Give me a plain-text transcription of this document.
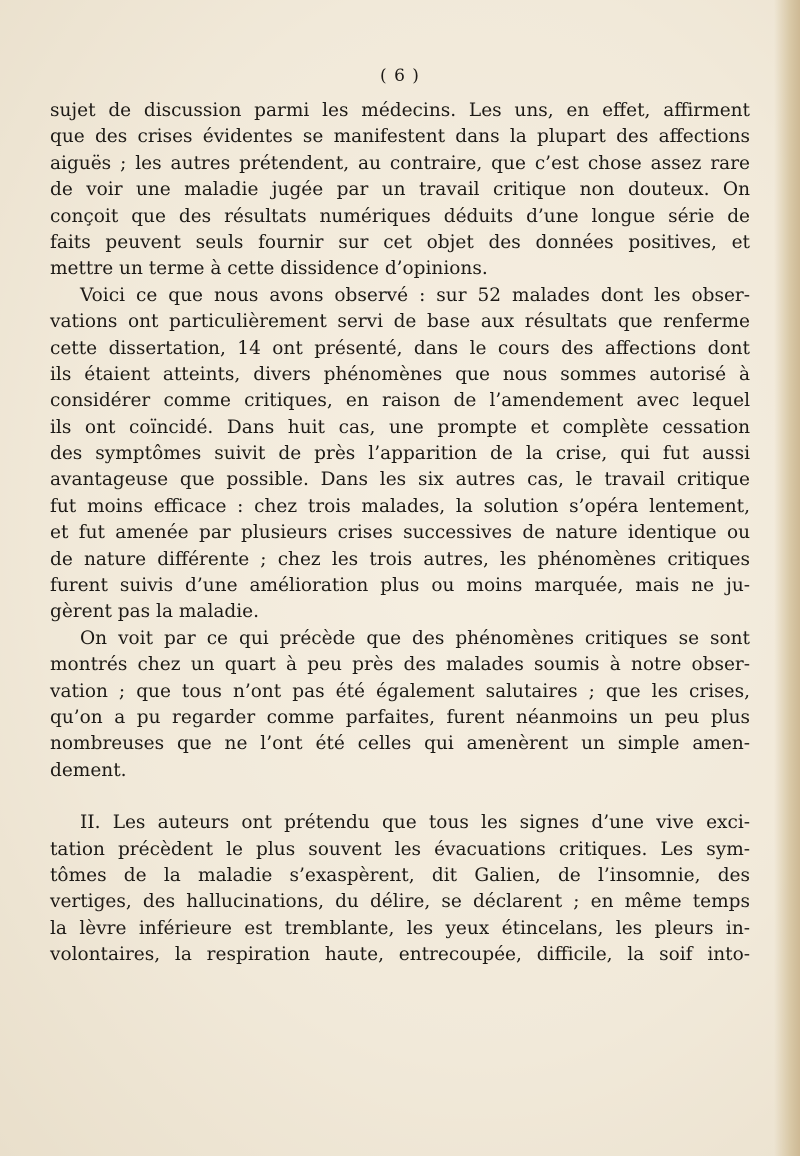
( 6 )
sujet de discussion parmi les médecins. Les uns, en effet, affirment
que des crises évidentes se manifestent dans la plupart des affections
aiguës ; les autres prétendent, au contraire, que c’est chose assez rare
de voir une maladie jugée par un travail critique non douteux. On
conçoit que des résultats numériques déduits d’une longue série de
faits peuvent seuls fournir sur cet objet des données positives, et
mettre un terme à cette dissidence d’opinions.
Voici ce que nous avons observé : sur 52 malades dont les obser-
vations ont particulièrement servi de base aux résultats que renferme
cette dissertation, 14 ont présenté, dans le cours des affections dont
ils étaient atteints, divers phénomènes que nous sommes autorisé à
considérer comme critiques, en raison de l’amendement avec lequel
ils ont coïncidé. Dans huit cas, une prompte et complète cessation
des symptômes suivit de près l’apparition de la crise, qui fut aussi
avantageuse que possible. Dans les six autres cas, le travail critique
fut moins efficace : chez trois malades, la solution s’opéra lentement,
et fut amenée par plusieurs crises successives de nature identique ou
de nature différente ; chez les trois autres, les phénomènes critiques
furent suivis d’une amélioration plus ou moins marquée, mais ne ju-
gèrent pas la maladie.
On voit par ce qui précède que des phénomènes critiques se sont
montrés chez un quart à peu près des malades soumis à notre obser-
vation ; que tous n’ont pas été également salutaires ; que les crises,
qu’on a pu regarder comme parfaites, furent néanmoins un peu plus
nombreuses que ne l’ont été celles qui amenèrent un simple amen-
dement.
II. Les auteurs ont prétendu que tous les signes d’une vive exci-
tation précèdent le plus souvent les évacuations critiques. Les sym-
tômes de la maladie s’exaspèrent, dit Galien, de l’insomnie, des
vertiges, des hallucinations, du délire, se déclarent ; en même temps
la lèvre inférieure est tremblante, les yeux étincelans, les pleurs in-
volontaires, la respiration haute, entrecoupée, difficile, la soif into-
